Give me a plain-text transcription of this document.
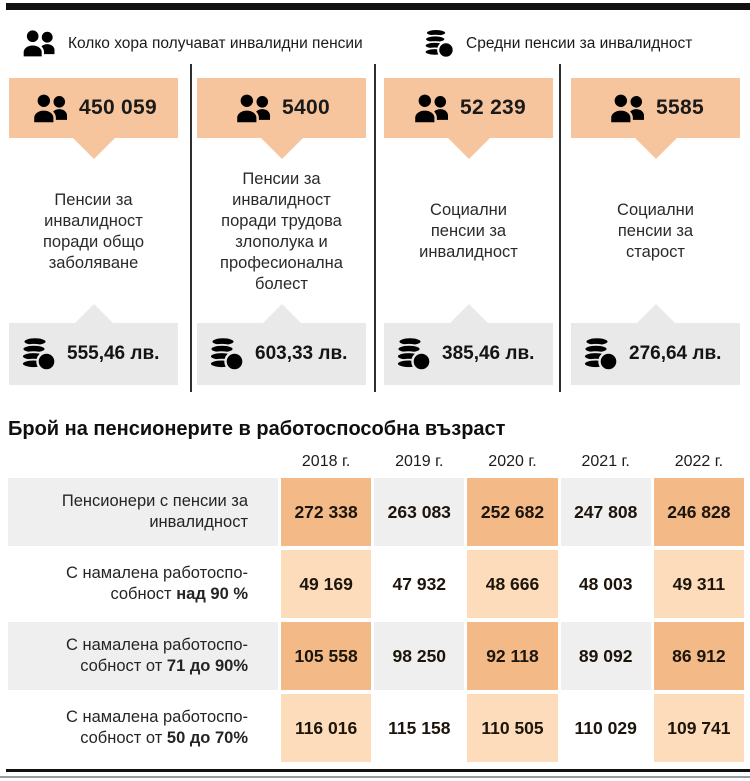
Колко хора получават инвалидни пенсии	Средни пенсии за инвалидност
450 059
Пенсии за инвалидност поради общо заболяване
555,46 лв.
5400
Пенсии за инвалидност поради трудова злополука и професионална болест
603,33 лв.
52 239
Социални пенсии за инвалидност
385,46 лв.
5585
Социални пенсии за старост
276,64 лв.
Брой на пенсионерите в работоспособна възраст
2018 г.	2019 г.	2020 г.	2021 г.	2022 г.
Пенсионери с пенсии за
инвалидност
272 338	263 083	252 682	247 808	246 828
С намалена работоспо-
собност над 90 %
49 169	47 932	48 666	48 003	49 311
С намалена работоспо-
собност от 71 до 90%
105 558	98 250	92 118	89 092	86 912
С намалена работоспо-
собност от 50 до 70%
116 016	115 158	110 505	110 029	109 741
